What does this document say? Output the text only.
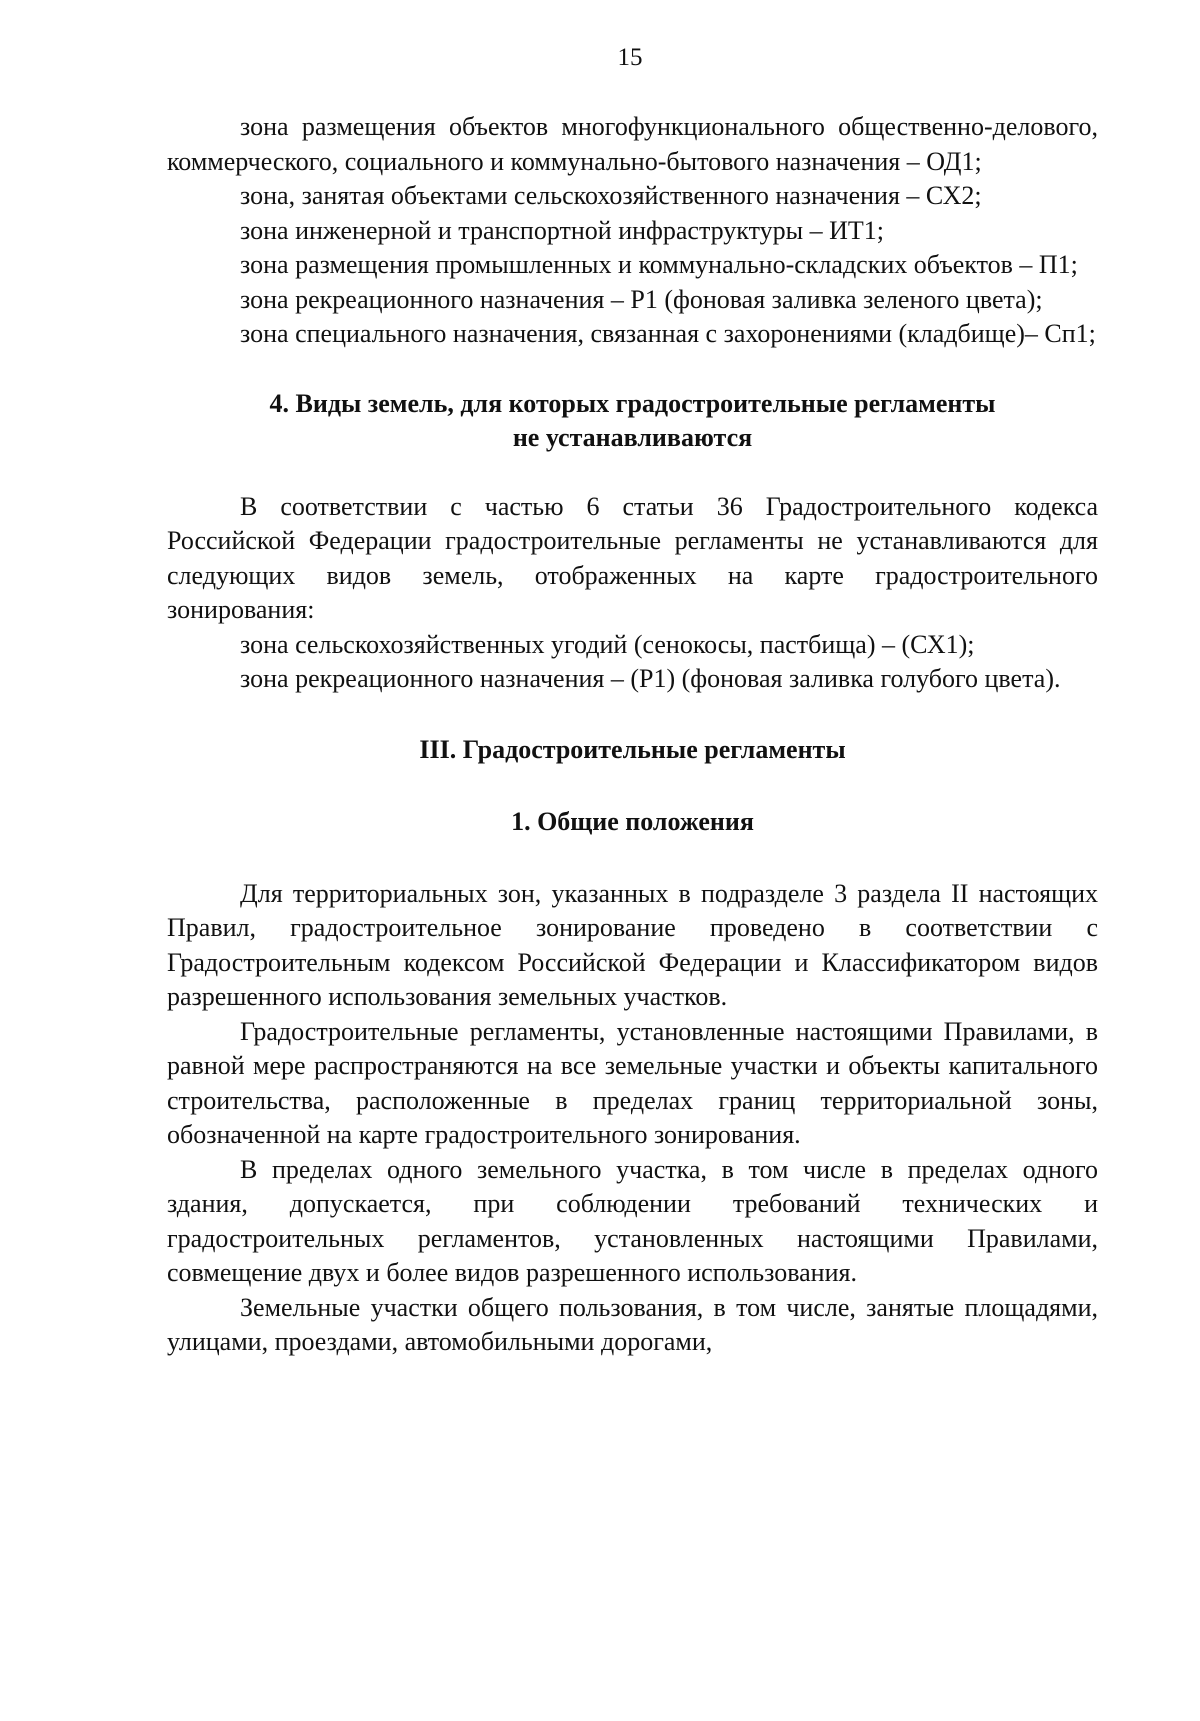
15

зона размещения объектов многофункционального общественно-делового, коммерческого, социального и коммунально-бытового назначения – ОД1;

зона, занятая объектами сельскохозяйственного назначения – СХ2;

зона инженерной и транспортной инфраструктуры – ИТ1;

зона размещения промышленных и коммунально-складских объектов – П1;

зона рекреационного назначения – Р1 (фоновая заливка зеленого цвета);

зона специального назначения, связанная с захоронениями (кладбище)– Сп1;

4. Виды земель, для которых градостроительные регламенты
не устанавливаются

В соответствии с частью 6 статьи 36 Градостроительного кодекса Российской Федерации градостроительные регламенты не устанавливаются для следующих видов земель, отображенных на карте градостроительного зонирования:

зона сельскохозяйственных угодий (сенокосы, пастбища) – (СХ1);

зона рекреационного назначения – (Р1) (фоновая заливка голубого цвета).

III. Градостроительные регламенты
1. Общие положения

Для территориальных зон, указанных в подразделе 3 раздела II настоящих Правил, градостроительное зонирование проведено в соответствии с Градостроительным кодексом Российской Федерации и Классификатором видов разрешенного использования земельных участков.

Градостроительные регламенты, установленные настоящими Правилами, в равной мере распространяются на все земельные участки и объекты капитального строительства, расположенные в пределах границ территориальной зоны, обозначенной на карте градостроительного зонирования.

В пределах одного земельного участка, в том числе в пределах одного здания, допускается, при соблюдении требований технических и градостроительных регламентов, установленных настоящими Правилами, совмещение двух и более видов разрешенного использования.

Земельные участки общего пользования, в том числе, занятые площадями, улицами, проездами, автомобильными дорогами,
